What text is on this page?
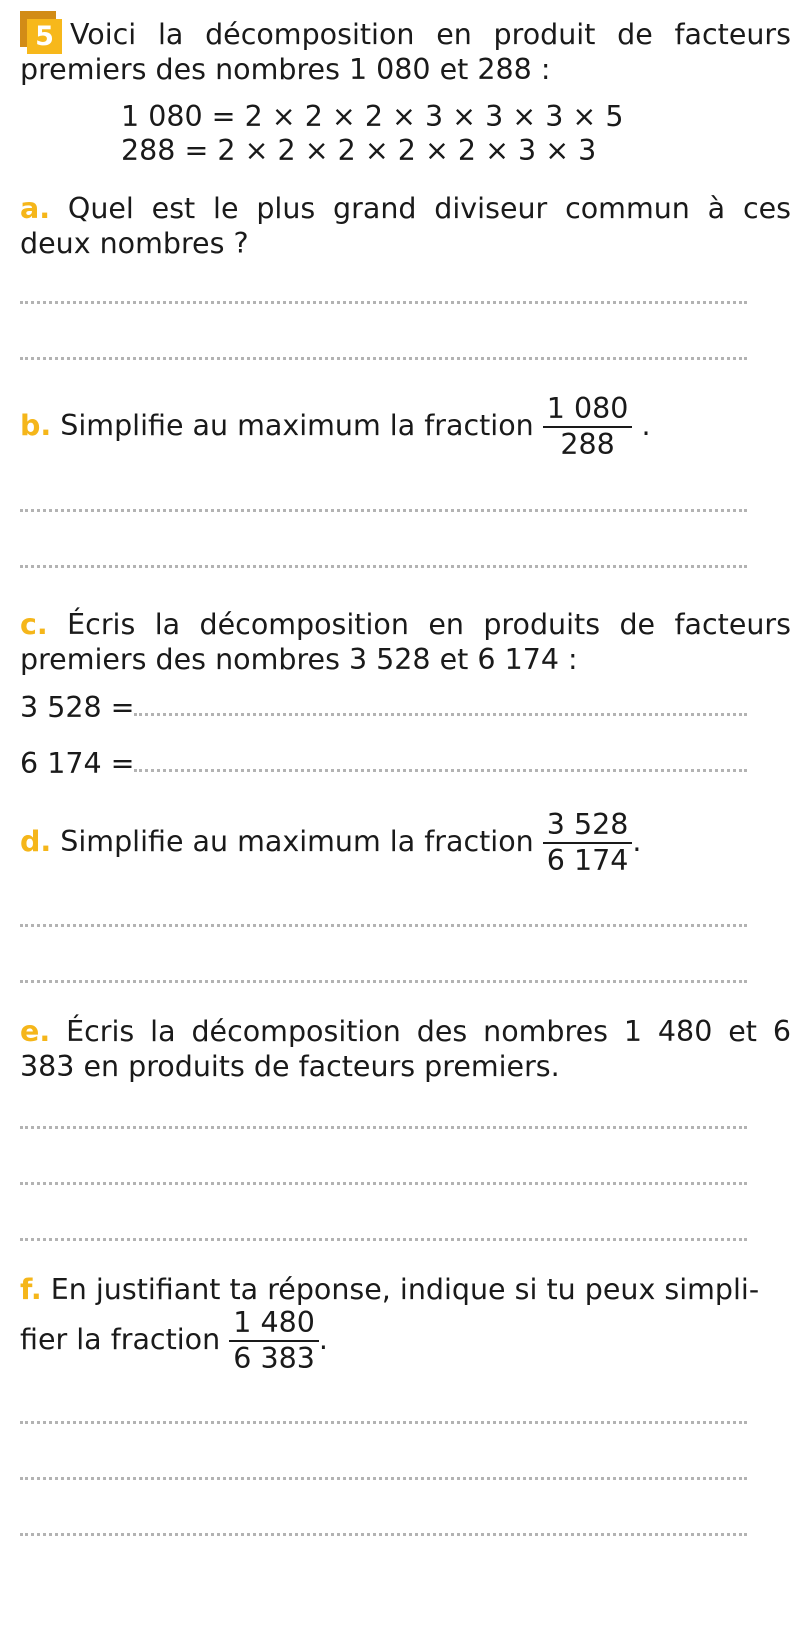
5 Voici la décomposition en produit de facteurs premiers des nombres 1 080 et 288 :
1 080 = 2 × 2 × 2 × 3 × 3 × 3 × 5
288 = 2 × 2 × 2 × 2 × 2 × 3 × 3
a. Quel est le plus grand diviseur commun à ces deux nombres ?
b. Simplifie au maximum la fraction $\frac{1 080}{288}$ .
c. Écris la décomposition en produits de facteurs premiers des nombres 3 528 et 6 174 :
3 528 =
6 174 =
d. Simplifie au maximum la fraction $\frac{3 528}{6 174}$ .
e. Écris la décomposition des nombres 1 480 et 6 383 en produits de facteurs premiers.
f. En justifiant ta réponse, indique si tu peux simpli-
fier la fraction $\frac{1 480}{6 383}$ .
